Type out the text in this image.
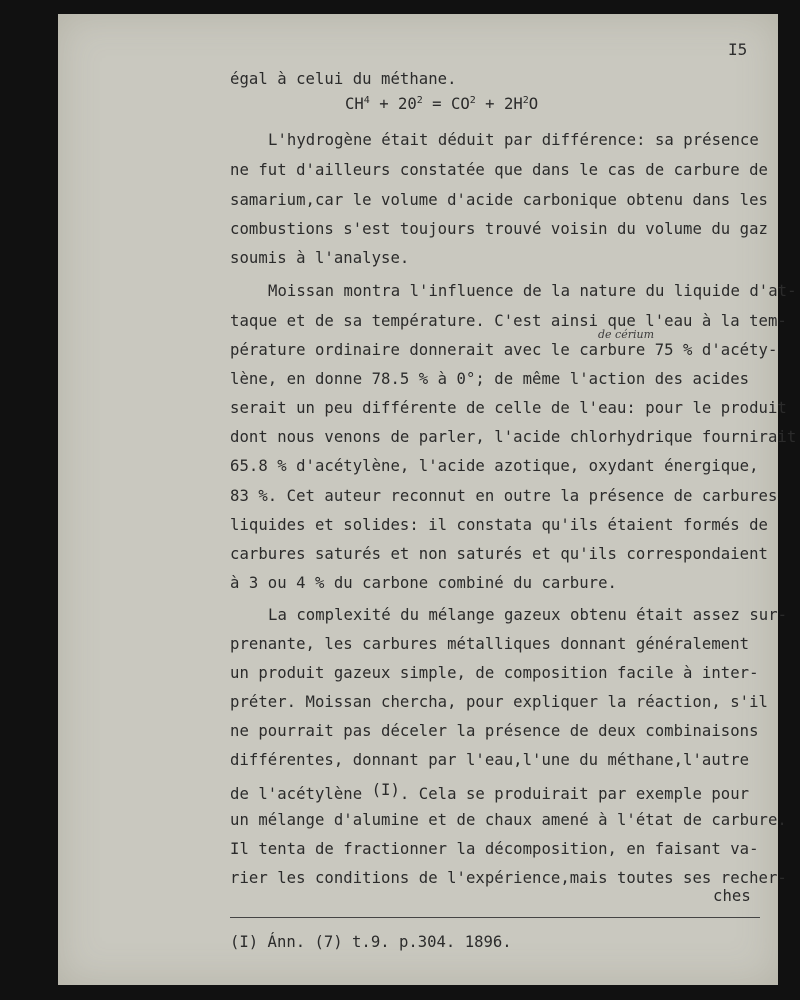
I5
égal à celui du méthane.
$CH^4 + 20^2 = CO^2 + 2H^2O$
L'hydrogène était déduit par différence: sa présence
ne fut d'ailleurs constatée que dans le cas de carbure de
samarium,car le volume d'acide carbonique obtenu dans les
combustions s'est toujours trouvé voisin du volume du gaz
soumis à l'analyse.
Moissan montra l'influence de la nature du liquide d'at-
taque et de sa température. C'est ainsi que l'eau à la tem-
de cérium
pérature ordinaire donnerait avec le carbure 75 % d'acéty-
lène, en donne 78.5 % à 0°; de même l'action des acides
serait un peu différente de celle de l'eau: pour le produit
dont nous venons de parler, l'acide chlorhydrique fournirait
65.8 % d'acétylène, l'acide azotique, oxydant énergique,
83 %. Cet auteur reconnut en outre la présence de carbures
liquides et solides: il constata qu'ils étaient formés de
carbures saturés et non saturés et qu'ils correspondaient
à 3 ou 4 % du carbone combiné du carbure.
La complexité du mélange gazeux obtenu était assez sur-
prenante, les carbures métalliques donnant généralement
un produit gazeux simple, de composition facile à inter-
préter. Moissan chercha, pour expliquer la réaction, s'il
ne pourrait pas déceler la présence de deux combinaisons
différentes, donnant par l'eau,l'une du méthane,l'autre
de l'acétylène (I). Cela se produirait par exemple pour
un mélange d'alumine et de chaux amené à l'état de carbure.
Il tenta de fractionner la décomposition, en faisant va-
rier les conditions de l'expérience,mais toutes ses recher-
ches
(I) Ánn. (7) t.9. p.304. 1896.
